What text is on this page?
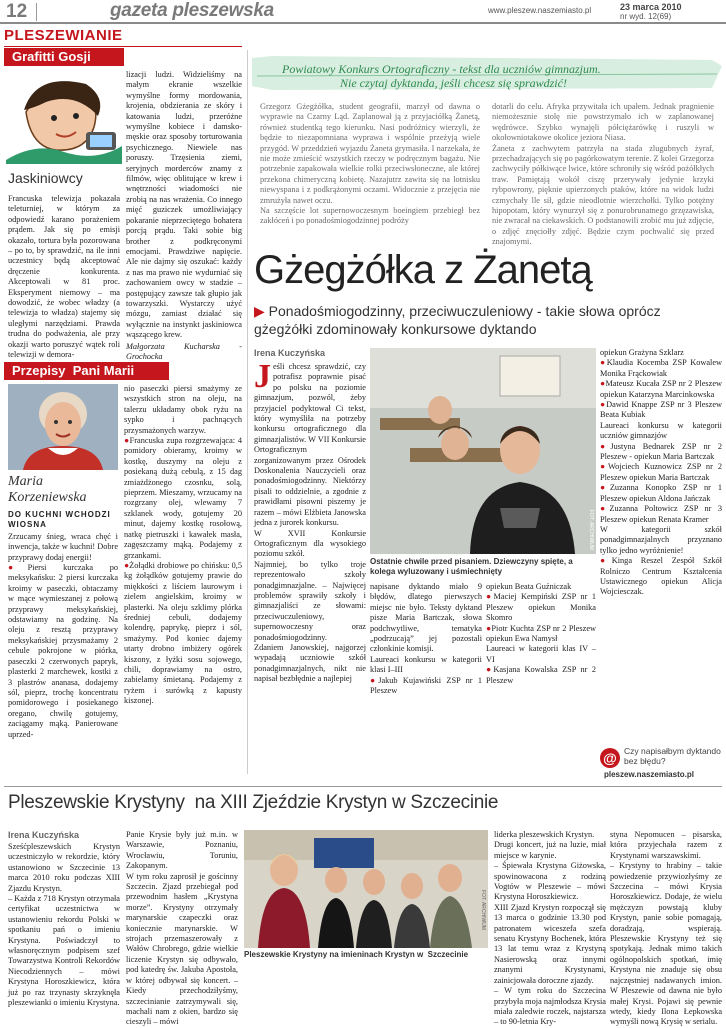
12	gazeta pleszewska	www.pleszew.naszemiasto.pl	23 marca 2010
nr wyd. 12(69)
PLESZEWIANIE
Grafitti Gosji
Jaskiniowcy

Francuska telewizja pokazała teleturniej, w którym za odpowiedź karano porażeniem prądem. Jak się po emisji okazało, tortura była pozorowana – po to, by sprawdzić, na ile inni uczestnicy będą akceptować dręczenie konkurenta. Akceptowali w 81 proc. Eksperyment niemowy – ma dowodzić, że wobec władzy (a telewizja to władza) stajemy się uległymi narzędziami. Prawda trudna do podważenia, ale przy okazji warto poruszyć wątek roli telewizji w demora-

lizacji ludzi. Widzieliśmy na małym ekranie wszelkie wymyślne formy mordowania, krojenia, obdzierania ze skóry i katowania ludzi, przeróżne wymyślne kobiece i damsko-męskie oraz sposoby torturowania psychicznego. Niewiele nas poruszy. Trzęsienia ziemi, seryjnych morderców znamy z filmów, więc oblitujące w krew i wnętrzności wiadomości nie zrobią na nas wrażenia. Co innego mięć guziczek umożliwiający pokaranie nieprzeciętego bohatera porcją prądu. Taki sobie big brother z podkręconymi emocjami. Prawdziwe napięcie. Ale nie dajmy się oszukać: każdy z nas ma prawo nie wydurniać się zachowaniem owcy w stadzie – postępujący zawsze tak głupio jak towarzyszki. Wystarczy użyć mózgu, zamiast działać się wyłącznie na instynkt jaskiniowca wąszącego krew.

Małgorzata Kucharska - Grochocka

Przepisy  Pani Marii
Maria
Korzeniewska
DO KUCHNI WCHODZI WIOSNA

Zrzucamy śnieg, wraca chęć i inwencja, także w kuchni! Dobre przyprawy dodaj energii!

● Piersi kurczaka po meksykańsku: 2 piersi kurczaka kroimy w paseczki, obtaczamy w mące wymieszanej z połową przyprawy meksykańskiej, odstawiamy na godzinę. Na oleju z resztą przyprawy meksykańskiej przysmażamy 2 cebule pokrojone w piórka, paseczki 2 czerwonych papryk, plasterki 2 marchewek, kostki z 3 plastrów ananasa, dodajemy sól, pieprz, trochę koncentratu pomidorowego i posiekanego oregano, chwilę gotujemy, zaciągamy mąką. Panierowane uprzed-

nio paseczki piersi smażymy ze wszystkich stron na oleju, na talerzu układamy obok ryżu na sypko i pachnących przysmażonych warzyw.

● Francuska zupa rozgrzewająca: 4 pomidory obieramy, kroimy w kostkę, duszymy na oleju z posiekaną dużą cebulą, z 15 dag zmiażdżonego czosnku, solą, pieprzem. Mieszamy, wrzucamy na rozgrzany olej, wlewamy 7 szklanek wody, gotujemy 20 minut, dajemy kostkę rosołową, natkę pietruszki i kawałek masła, zagęszczamy mąką. Podajemy z grzankami.

● Żołądki drobiowe po chińsku: 0,5 kg żołądków gotujemy prawie do miękkości z liściem laurowym i zielem angielskim, kroimy w plasterki. Na oleju szklimy plórka średniej cebuli, dodajemy kolendrę, paprykę, pieprz i sól, smażymy. Pod koniec dajemy utarty drobno imbiżery ogórek kiszony, z łyżki sosu sojowego, chili, doprawiamy na ostro, zabielamy śmietaną. Podajemy z ryżem i surówką z kapusty kiszonej.

Powiatowy Konkurs Ortograficzny - tekst dla uczniów gimnazjum.
Nie czytaj dyktanda, jeśli chcesz się sprawdzić!

Grzegorz Gżegżółka, student geografii, marzył od dawna o wyprawie na Czarny Ląd. Zaplanował ją z przyjaciółką Żanetą, również studentką tego kierunku. Nasi podróżnicy wierzyli, że będzie to niezapomniana wyprawa i wspólnie przeżyją wiele przygód. W przeddzień wyjazdu Żaneta grymasiła. I narzekała, że nie może zmieścić wszystkich rzeczy w podręcznym bagażu. Nie potrzebnie zapakowała wielkie rolki przeciwsłoneczne, ale której przekona chimeryczną kobietę. Nazajutrz zawita się na lotnisku niewyspana i z podkrążonymi oczami. Widocznie z przejęcia nie zmrużyła nawet oczu.
Na szczęście lot supernowoczesnym boeingiem przebiegł bez zakłóceń i po ponadośmiogodzinnej podróży

dotarli do celu. Afryka przywitała ich upałem. Jednak pragnienie niemożesznie stolę nie powstrzymało ich w zaplanowanej wędrówce. Szybko wynajęli półciężarówkę i ruszyli w okołowniotakowe okolice jeziora Niasa.
Żaneta z zachwytem patrzyła na stada zlugubnych żyraf, przechadzających się po pagórkowatym terenie. Z kolei Grzegorza zachwyciły półkiwące lwice, które schroniły się wśród pożółkłych traw. Pamiętają wokół ciszę przerywały jedynie krzyki rybpowrony, pięknie upierzonych ptaków, które na widok ludzi czmychały lle sił, gdzie nieodlotnie wierzchołki. Tylko potężny hipopotam, który wynurzył się z ponurobrunatnego grzęzawiska, nie zwracał na ciekawskich. O podstanowili zrobić mu już zdjęcie, o zdjęć znęciołły zdjęć. Będzie czym pochwalić się przed znajomymi.

Gżegżółka z Żanetą
▶ Ponadośmiogodzinny, przeciwuczuleniowy - takie słowa oprócz gżegżółki zdominowały konkursowe dyktando
Irena Kuczyńska

Jeśli chcesz sprawdzić, czy potrafisz poprawnie pisać po polsku na poziomie gimnazjum, pozwól, żeby przyjaciel podyktował Ci tekst, który wymyśliła na potrzeby konkursu ortograficznego dla gimnazjalistów. W VII Konkursie Ortograficznym zorganizowanym przez Ośrodek Doskonalenia Nauczycieli oraz ponadośmiogodzinny. Niektórzy pisali to oddzielnie, a zgodnie z prawidłami pisowni piszemy je razem – mówi Elżbieta Janowska jedna z jurorek konkursu.
W XVII Konkursie Ortograficznym dla wysokiego poziomu szkół.
Najmniej, bo tylko troje reprezentowało szkoły ponadgimnazjalne. – Najwięcej problemów sprawiły szkoły i gimnazjaliści ze słowami: przeciwuczuleniowy, supernowoczesny oraz ponadośmiogodzinny.
Zdaniem Janowskiej, najgorzej wypadają uczniowie szkół ponadgimnazjalnych, nikt nie napisał bezbłędnie a najlepiej

FOT. ARCHIWUM
Ostatnie chwile przed pisaniem. Dziewczyny spięte, a kolega wyluzowany i uśmiechnięty

napisane dyktando miało 9 błędów, dlatego pierwszych miejsc nie było. Teksty dyktand pisze Maria Bartczak, słowa podchwytliwe, tematyka „podrzucają” jej pozostali członkinie komisji.
Laureaci konkursu w kategorii klasi I–III

● Jakub Kujawiński ZSP nr 1 Pleszew

opiekun Beata Guźniczak

● Maciej Kempiński ZSP nr 1 Pleszew opiekun Monika Skomro

● Piotr Kuchta ZSP nr 2 Pleszew opiekun Ewa Namysł

Laureaci w kategorii klas IV – VI

● Kasjana Kowalska ZSP nr 2 Pleszew

opiekun Grażyna Szklarz
● Klaudia Kocemba ZSP Kowalew Monika Frąckowiak
● Mateusz Kucała ZSP nr 2 Pleszew opiekun Katarzyna Marcinkowska
● Dawid Knappe ZSP nr 3 Pleszew Beata Kubiak
Laureaci konkursu w kategorii uczniów gimnazjów
● Justyna Bednarek ZSP nr 2 Pleszew - opiekun Maria Bartczak
● Wojciech Kuznowicz ZSP nr 2 Pleszew opiekun Maria Bartczak
● Zuzanna Konopko ZSP nr 1 Pleszew opiekun Aldona Jańczak
● Zuzanna Poltowicz ZSP nr 3 Pleszew opiekun Renata Kramer
W kategorii szkół ponadgimnazjalnych przyznano tylko jedno wyróżnienie!
● Kinga Reszel Zespół Szkół Rolniczo Centrum Kształcenia Ustawicznego opiekun Alicja Wojciesczak.
@ Czy napisałbym dyktando bez błędu?
pleszew.naszemiasto.pl
Pleszewskie Krystyny  na XIII Zjeździe Krystyn w Szczecinie
Irena Kuczyńska

Sześćpleszewskich Krystyn uczestniczyło w rekordzie, który ustanowiono w Szczecinie 13 marca 2010 roku podczas XIII Zjazdu Krystyn.
– Każda z 718 Krystyn otrzymała certyfikat uczestnictwa w ustanowieniu rekordu Polski w spotkaniu pań o imieniu Krystyna. Poświadczył to własnoręcznym podpisem szef Towarzystwa Kontroli Rekordów Niecodziennych – mówi Krystyna Horoszkiewicz, która już po raz trzynasty skrzyknęła pleszewianki o imieniu Krystyna.

Panie Krysie były już m.in. w Warszawie, Poznaniu, Wrocławiu, Toruniu, Zakopanym.
W tym roku zaprosił je gościnny Szczecin. Zjazd przebiegał pod przewodnim hasłem „Krystyna morze”. Krystyny otrzymały marynarskie czapeczki oraz koniecznie marynarskie. W strojach przemaszerowały z Wałów Chrobrego, gdzie wielkie liczenie Krystyn się odbywało, pod katedrę św. Jakuba Apostoła, w której odbywał się koncert. – Kiedy przechodziłyśmy, szczecinianie zatrzymywali się, machali nam z okien, bardzo się cieszyli – mówi

FOT. ARCHIWUM
Pleszewskie Krystyny na imieninach Krystyn w  Szczecinie

liderka pleszewskich Krystyn.
Drugi koncert, już na luzie, miał miejsce w karynie.
– Śpiewała Krystyna Giżowska, spowinowacona z rodziną Vogtów w Pleszewie – mówi Krystyna Horoszkiewicz.
XIII Zjazd Krystyn rozpoczął się 13 marca o godzinie 13.30 pod patronatem wiceszefa szefa senatu Krystyny Bochenek, która 13 lat temu wraz z Krystyną Nasierowską oraz innymi znanymi Krystynami, zainicjowała doroczne zjazdy.
– W tym roku do Szczecina przybyła moja najmłodsza Krysia miała zaledwie roczek, najstarsza – to 90-letnia Kry-

styna Nepomucen – pisarska, która przyjechała razem z Krystynami warszawskimi.
– Krystyny to hrabiny – takie powiedzenie przywiozłyśmy ze Szczecina – mówi Krysia Horoszkiewicz. Dodaje, że wielu mężczyzn powstają kluby Krystyn, panie sobie pomagają, doradzają, wspierają. Pleszewskie Krystyny też się spotykają. Jednak mimo takich ogólnopolskich spotkań, imię Krystyna nie znaduje się obsu najczęstniej nadawanych imion. W Pleszewie od dawna nie było małej Krysi. Pojawi się pewnie wtedy, kiedy Ilona Łepkowska wymyśli nową Krysię w serialu.
